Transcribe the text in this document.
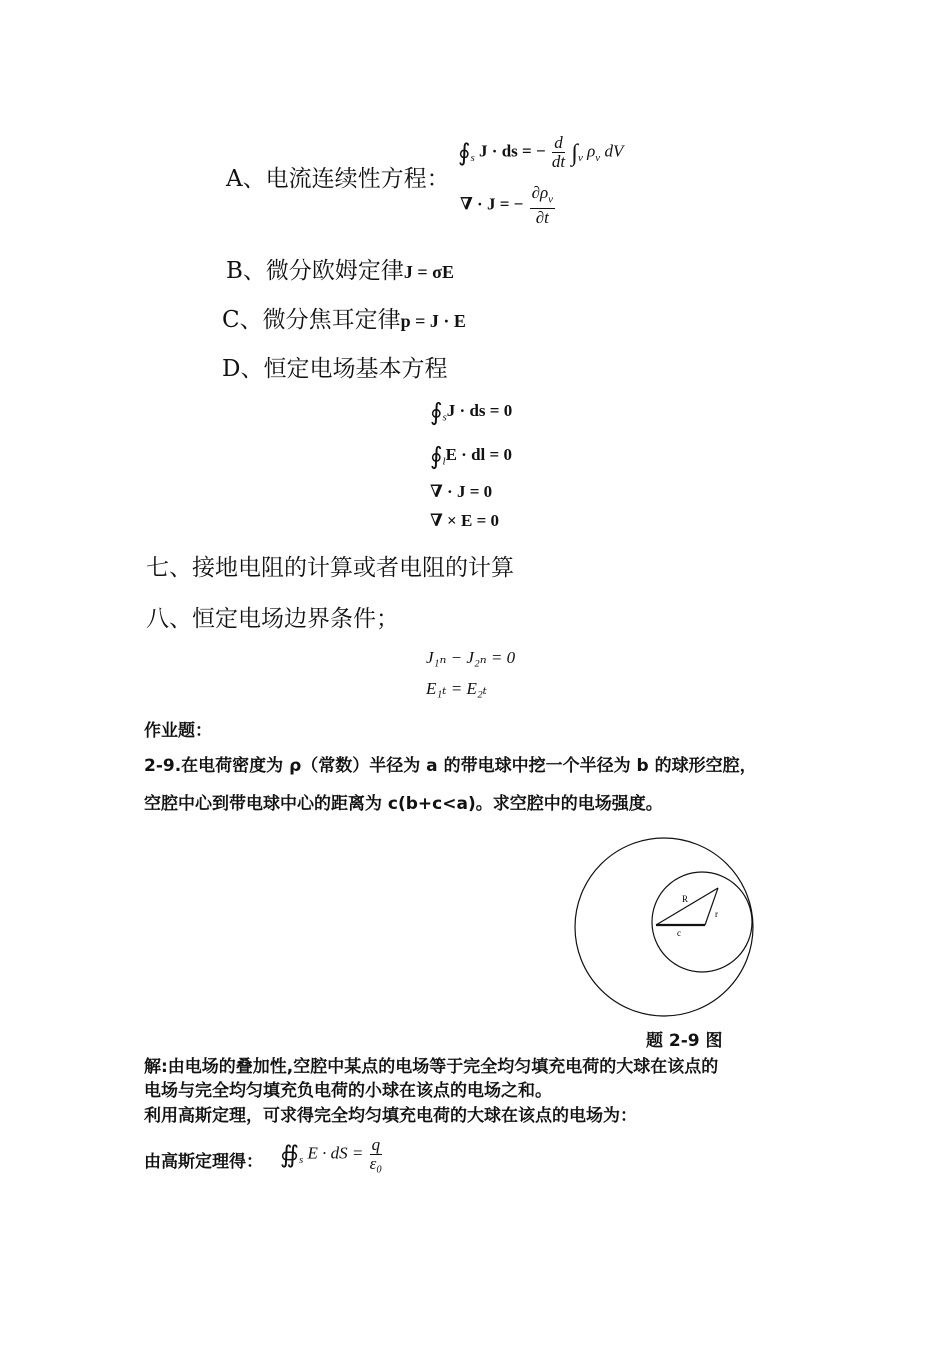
A、电流连续性方程：
$∮_s$ J · ds = − $\frac{d}{dt} \int_v$ $\rho_v$ dV
∇ · J = − $\frac{\partial\rho_v}{\partial t}$
B、微分欧姆定律J = σE
C、微分焦耳定律p = J · E
D、恒定电场基本方程
$∮_sJ$ · ds = 0
$∮_lE$ · dl = 0
∇ · J = 0
∇ × E = 0
七、接地电阻的计算或者电阻的计算
八、恒定电场边界条件；
J₁ₙ − J₂ₙ = 0
E₁ₜ = E₂ₜ
作业题：
2-9.在电荷密度为 ρ（常数）半径为 a 的带电球中挖一个半径为 b 的球形空腔，
空腔中心到带电球中心的距离为 c(b+c<a)。求空腔中的电场强度。
R
r
c
题 2-9 图
解:由电场的叠加性,空腔中某点的电场等于完全均匀填充电荷的大球在该点的
电场与完全均匀填充负电荷的小球在该点的电场之和。
利用高斯定理，可求得完全均匀填充电荷的大球在该点的电场为：
由高斯定理得： $∯_s$ E · dS = $\frac{q}{\text{ε₀}}$
